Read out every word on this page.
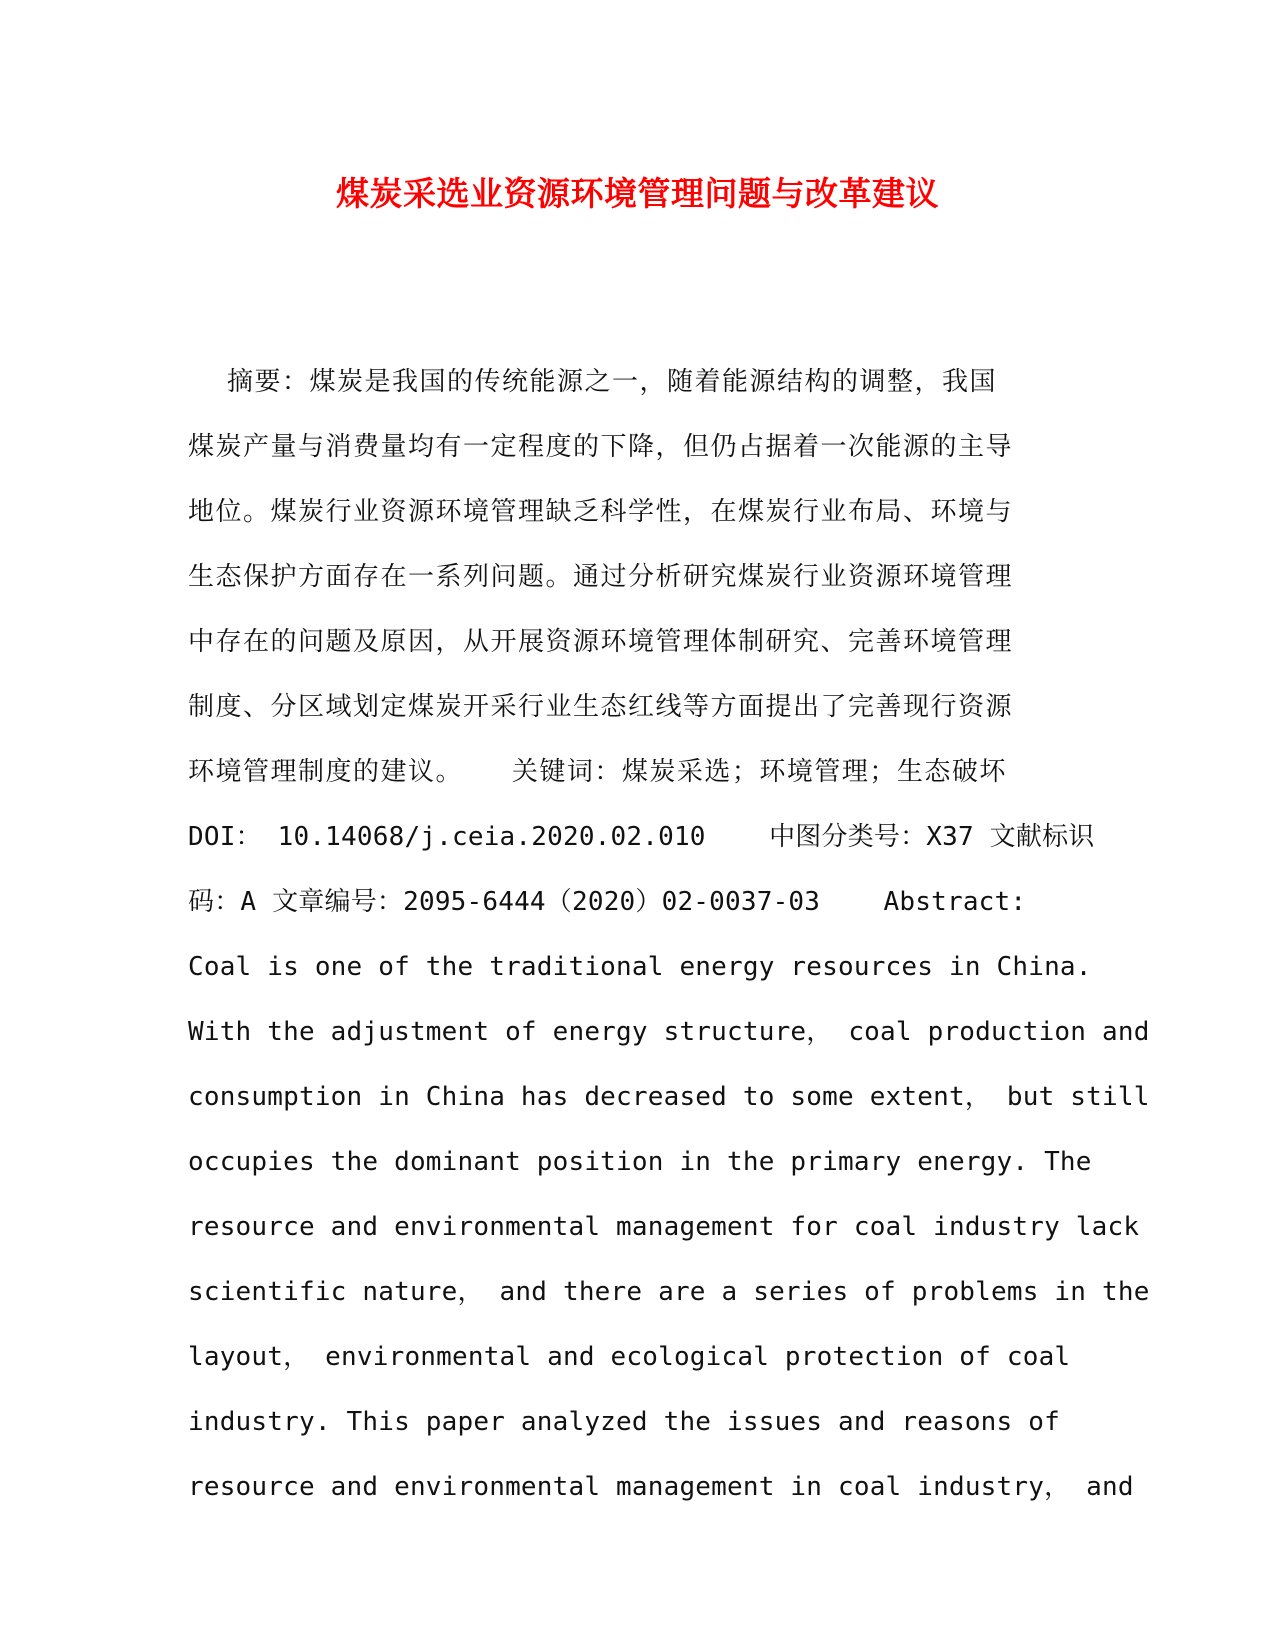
煤炭采选业资源环境管理问题与改革建议
摘要：煤炭是我国的传统能源之一，随着能源结构的调整，我国
煤炭产量与消费量均有一定程度的下降，但仍占据着一次能源的主导
地位。煤炭行业资源环境管理缺乏科学性，在煤炭行业布局、环境与
生态保护方面存在一系列问题。通过分析研究煤炭行业资源环境管理
中存在的问题及原因，从开展资源环境管理体制研究、完善环境管理
制度、分区域划定煤炭开采行业生态红线等方面提出了完善现行资源
环境管理制度的建议。     关键词：煤炭采选；环境管理；生态破坏
DOI： 10.14068/j.ceia.2020.02.010    中图分类号：X37 文献标识
码：A 文章编号：2095-6444（2020）02-0037-03    Abstract:
Coal is one of the traditional energy resources in China.
With the adjustment of energy structure， coal production and
consumption in China has decreased to some extent， but still
occupies the dominant position in the primary energy. The
resource and environmental management for coal industry lack
scientific nature， and there are a series of problems in the
layout， environmental and ecological protection of coal
industry. This paper analyzed the issues and reasons of
resource and environmental management in coal industry， and
